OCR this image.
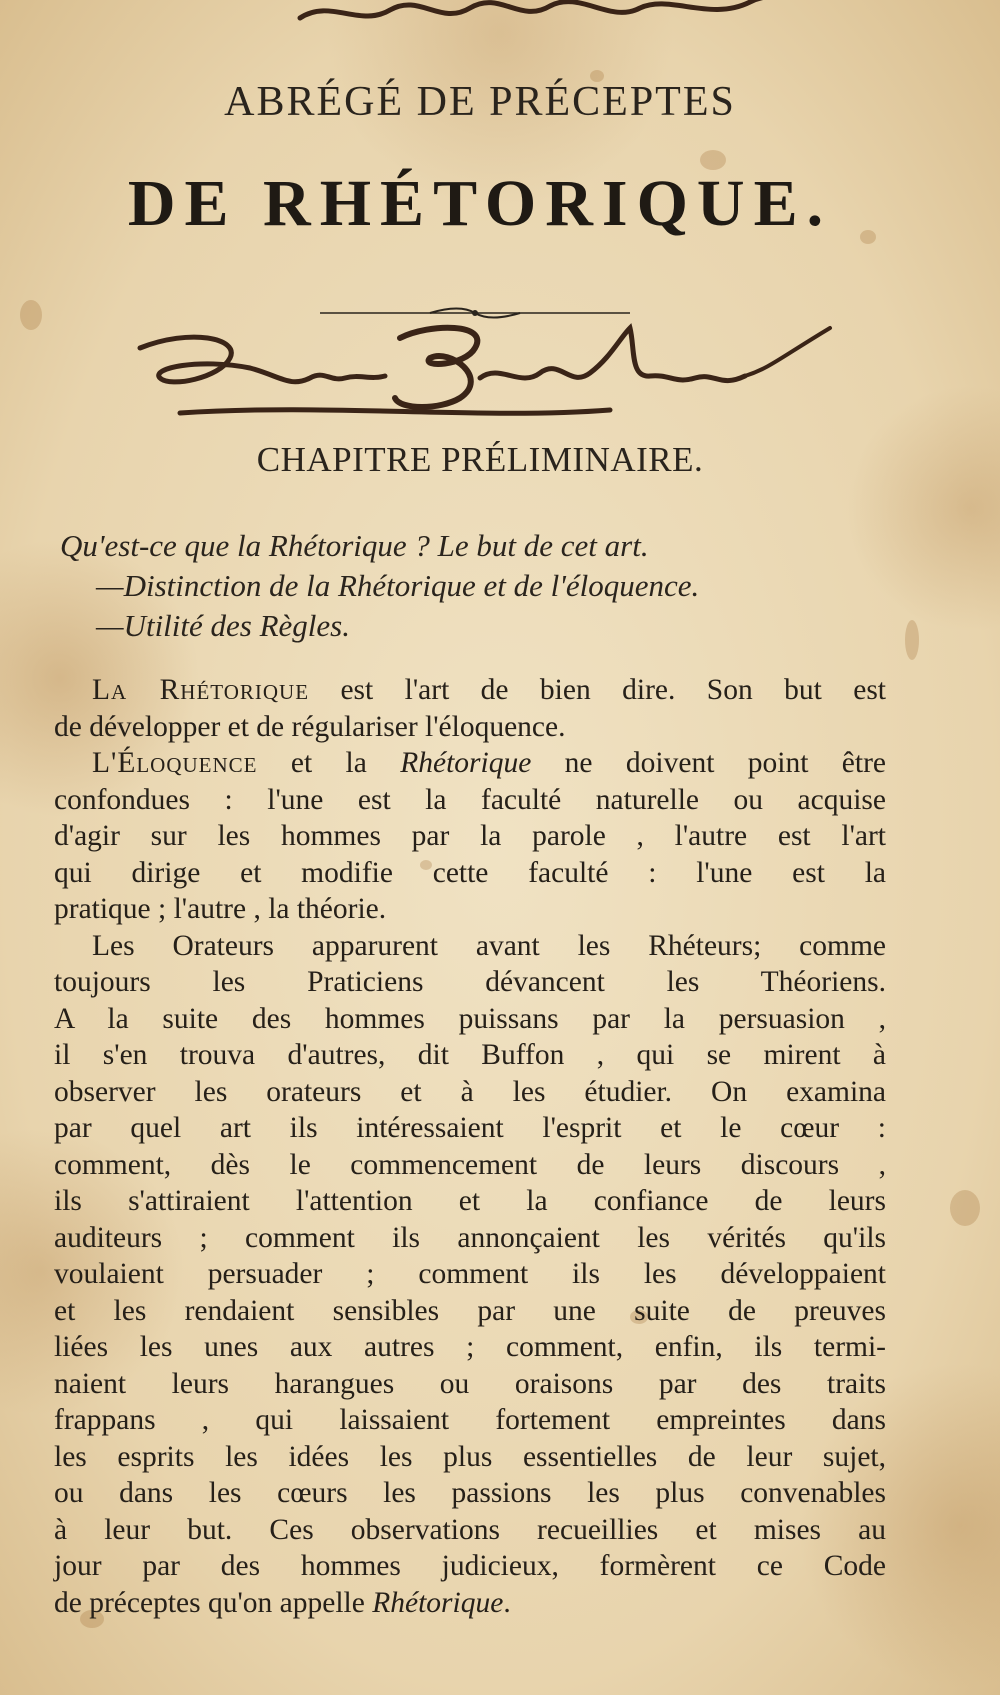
ABRÉGÉ DE PRÉCEPTES
DE RHÉTORIQUE.
CHAPITRE PRÉLIMINAIRE.
Qu'est-ce que la Rhétorique ? Le but de cet art.
—Distinction de la Rhétorique et de l'éloquence.
—Utilité des Règles.
La Rhétorique est l'art de bien dire. Son but est
de développer et de régulariser l'éloquence.
L'Éloquence et la Rhétorique ne doivent point être
confondues : l'une est la faculté naturelle ou acquise
d'agir sur les hommes par la parole , l'autre est l'art
qui dirige et modifie cette faculté : l'une est la
pratique ; l'autre , la théorie.
Les Orateurs apparurent avant les Rhéteurs; comme
toujours les Praticiens dévancent les Théoriens.
A la suite des hommes puissans par la persuasion ,
il s'en trouva d'autres, dit Buffon , qui se mirent à
observer les orateurs et à les étudier. On examina
par quel art ils intéressaient l'esprit et le cœur :
comment, dès le commencement de leurs discours ,
ils s'attiraient l'attention et la confiance de leurs
auditeurs ; comment ils annonçaient les vérités qu'ils
voulaient persuader ; comment ils les développaient
et les rendaient sensibles par une suite de preuves
liées les unes aux autres ; comment, enfin, ils termi-
naient leurs harangues ou oraisons par des traits
frappans , qui laissaient fortement empreintes dans
les esprits les idées les plus essentielles de leur sujet,
ou dans les cœurs les passions les plus convenables
à leur but. Ces observations recueillies et mises au
jour par des hommes judicieux, formèrent ce Code
de préceptes qu'on appelle Rhétorique.
